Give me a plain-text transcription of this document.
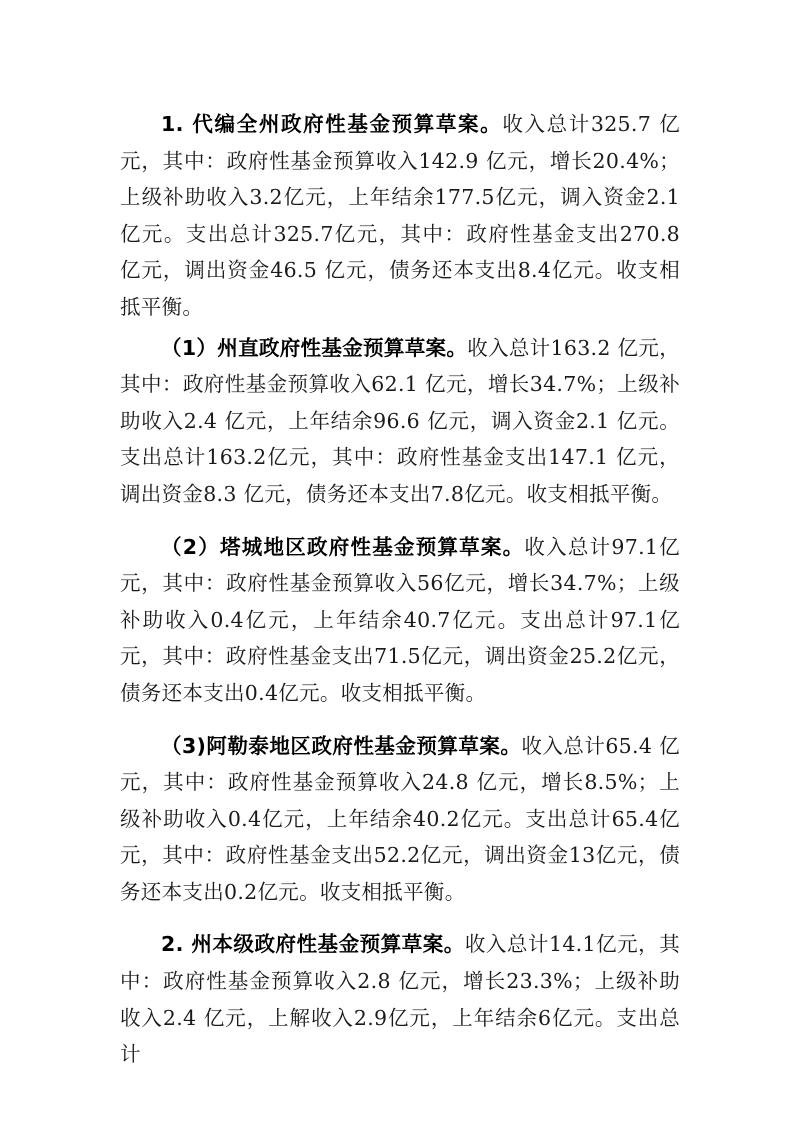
1. 代编全州政府性基金预算草案。收入总计325.7 亿元，其中：政府性基金预算收入142.9 亿元，增长20.4%；上级补助收入3.2亿元，上年结余177.5亿元，调入资金2.1亿元。支出总计325.7亿元，其中：政府性基金支出270.8 亿元，调出资金46.5 亿元，债务还本支出8.4亿元。收支相抵平衡。

（1）州直政府性基金预算草案。收入总计163.2 亿元，其中：政府性基金预算收入62.1 亿元，增长34.7%；上级补助收入2.4 亿元，上年结余96.6 亿元，调入资金2.1 亿元。支出总计163.2亿元，其中：政府性基金支出147.1 亿元，调出资金8.3 亿元，债务还本支出7.8亿元。收支相抵平衡。

（2）塔城地区政府性基金预算草案。收入总计97.1亿元，其中：政府性基金预算收入56亿元，增长34.7%；上级补助收入0.4亿元，上年结余40.7亿元。支出总计97.1亿元，其中：政府性基金支出71.5亿元，调出资金25.2亿元，债务还本支出0.4亿元。收支相抵平衡。

（3)阿勒泰地区政府性基金预算草案。收入总计65.4 亿元，其中：政府性基金预算收入24.8 亿元，增长8.5%；上级补助收入0.4亿元，上年结余40.2亿元。支出总计65.4亿元，其中：政府性基金支出52.2亿元，调出资金13亿元，债务还本支出0.2亿元。收支相抵平衡。

2. 州本级政府性基金预算草案。收入总计14.1亿元，其中：政府性基金预算收入2.8 亿元，增长23.3%；上级补助收入2.4 亿元，上解收入2.9亿元，上年结余6亿元。支出总计
